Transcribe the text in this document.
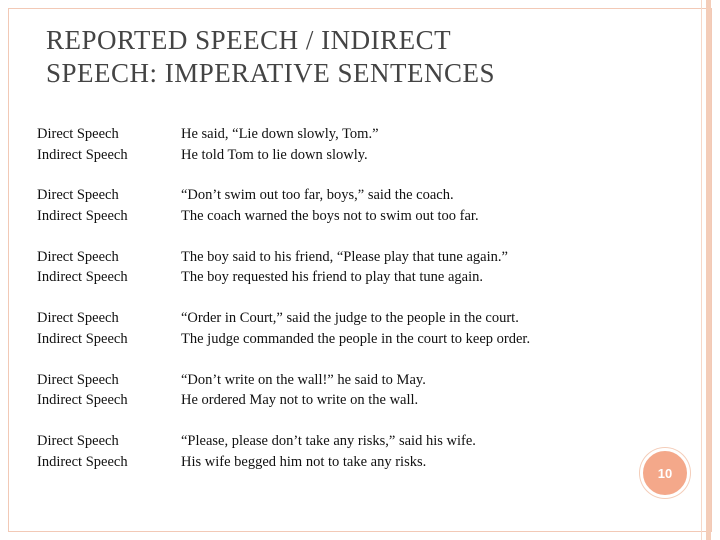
REPORTED SPEECH / INDIRECT
SPEECH: IMPERATIVE SENTENCES
Direct Speech
Indirect Speech
He said, “Lie down slowly, Tom.”
He told Tom to lie down slowly.
Direct Speech
Indirect Speech
“Don’t swim out too far, boys,” said the coach.
The coach warned the boys not to swim out too far.
Direct Speech
Indirect Speech
The boy said to his friend, “Please play that tune again.”
The boy requested his friend to play that tune again.
Direct Speech
Indirect Speech
“Order in Court,” said the judge to the people in the court.
The judge commanded the people in the court to keep order.
Direct Speech
Indirect Speech
“Don’t write on the wall!” he said to May.
He ordered May not to write on the wall.
Direct Speech
Indirect Speech
“Please, please don’t take any risks,” said his wife.
His wife begged him not to take any risks.
10
